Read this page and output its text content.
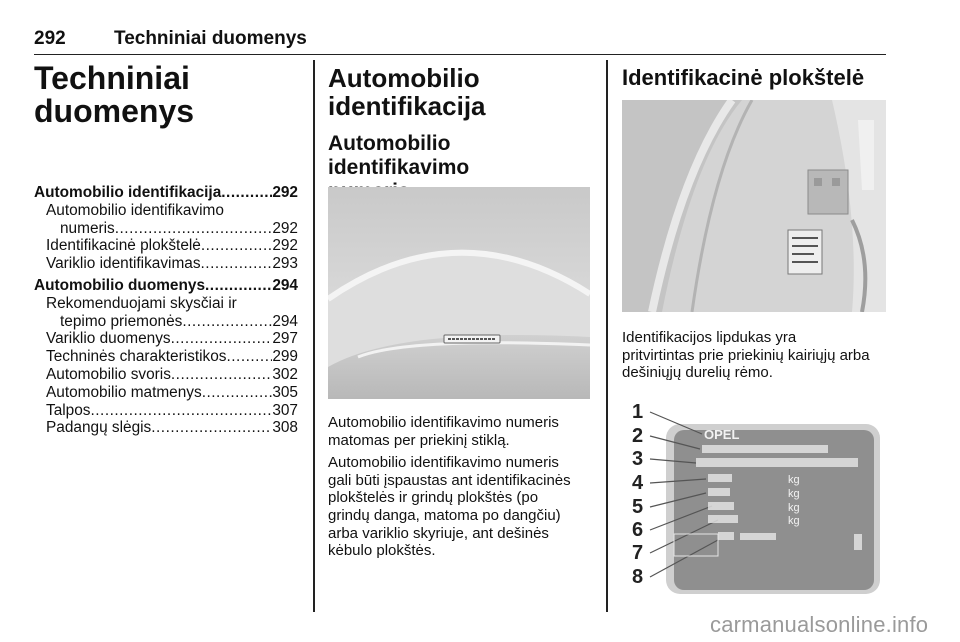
292	Techniniai duomenys
Techniniai
duomenys
Automobilio identifikacija .....	292
Automobilio identifikavimo
numeris .....	292
Identifikacinė plokštelė .....	292
Variklio identifikavimas .....	293
Automobilio duomenys .....	294
Rekomenduojami skysčiai ir
tepimo priemonės .....	294
Variklio duomenys .....	297
Techninės charakteristikos .....	299
Automobilio svoris .....	302
Automobilio matmenys .....	305
Talpos .....	307
Padangų slėgis .....	308
Automobilio
identifikacija
Automobilio identifikavimo

Automobilio identifikavimo numeris
matomas per priekinį stiklą.

Automobilio identifikavimo numeris
gali būti įspaustas ant identifikacinės
plokštelės ir grindų plokštės (po
grindų danga, matoma po dangčiu)
arba variklio skyriuje, ant dešinės
kėbulo plokštės.

Identifikacinė plokštelė

Identifikacijos lipdukas yra
pritvirtintas prie priekinių kairiųjų arba
dešiniųjų durelių rėmo.

1
2
3
4
5
6
7
8
OPEL
kg
kg
kg
kg
carmanualsonline.info
